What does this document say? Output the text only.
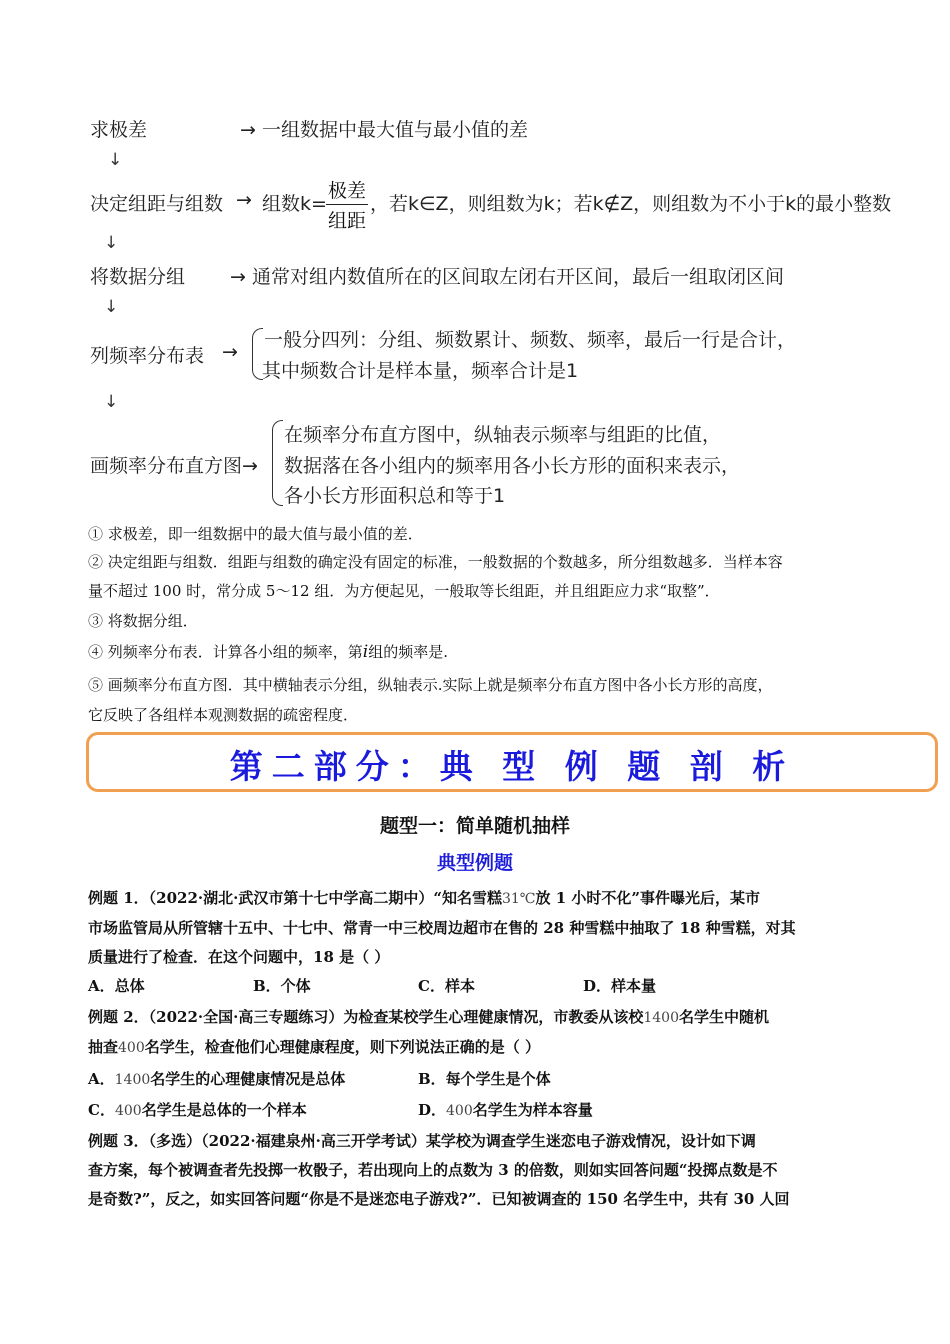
求极差	→ 一组数据中最大值与最小值的差
↓
决定组距与组数 → 组数k=
极差
组距
，若k∈Z，则组数为k；若k∉Z，则组数为不小于k的最小整数
↓
将数据分组 → 通常对组内数值所在的区间取左闭右开区间，最后一组取闭区间
↓
列频率分布表 →
一般分四列：分组、频数累计、频数、频率，最后一行是合计，
其中频数合计是样本量，频率合计是1
↓
画频率分布直方图→
在频率分布直方图中，纵轴表示频率与组距的比值，
数据落在各小组内的频率用各小长方形的面积来表示，
各小长方形面积总和等于1
① 求极差，即一组数据中的最大值与最小值的差．
② 决定组距与组数．组距与组数的确定没有固定的标准，一般数据的个数越多，所分组数越多．当样本容
量不超过 100 时，常分成 5～12 组．为方便起见，一般取等长组距，并且组距应力求“取整”．
③ 将数据分组．
④ 列频率分布表．计算各小组的频率，第i组的频率是.
⑤ 画频率分布直方图．其中横轴表示分组，纵轴表示.实际上就是频率分布直方图中各小长方形的高度，
它反映了各组样本观测数据的疏密程度．
第二部分：典 型 例 题 剖 析
题型一：简单随机抽样
典型例题
例题 1．（2022·湖北·武汉市第十七中学高二期中）“知名雪糕31℃放 1 小时不化”事件曝光后，某市
市场监管局从所管辖十五中、十七中、常青一中三校周边超市在售的 28 种雪糕中抽取了 18 种雪糕，对其
质量进行了检查．在这个问题中，18 是（ ）
A．总体	B．个体	C．样本	D．样本量
例题 2．（2022·全国·高三专题练习）为检查某校学生心理健康情况，市教委从该校1400名学生中随机
抽查400名学生，检查他们心理健康程度，则下列说法正确的是（ ）
A．1400名学生的心理健康情况是总体	B．每个学生是个体
C．400名学生是总体的一个样本	D．400名学生为样本容量
例题 3．（多选）（2022·福建泉州·高三开学考试）某学校为调查学生迷恋电子游戏情况，设计如下调
查方案，每个被调查者先投掷一枚骰子，若出现向上的点数为 3 的倍数，则如实回答问题“投掷点数是不
是奇数?”，反之，如实回答问题“你是不是迷恋电子游戏?”．已知被调查的 150 名学生中，共有 30 人回
